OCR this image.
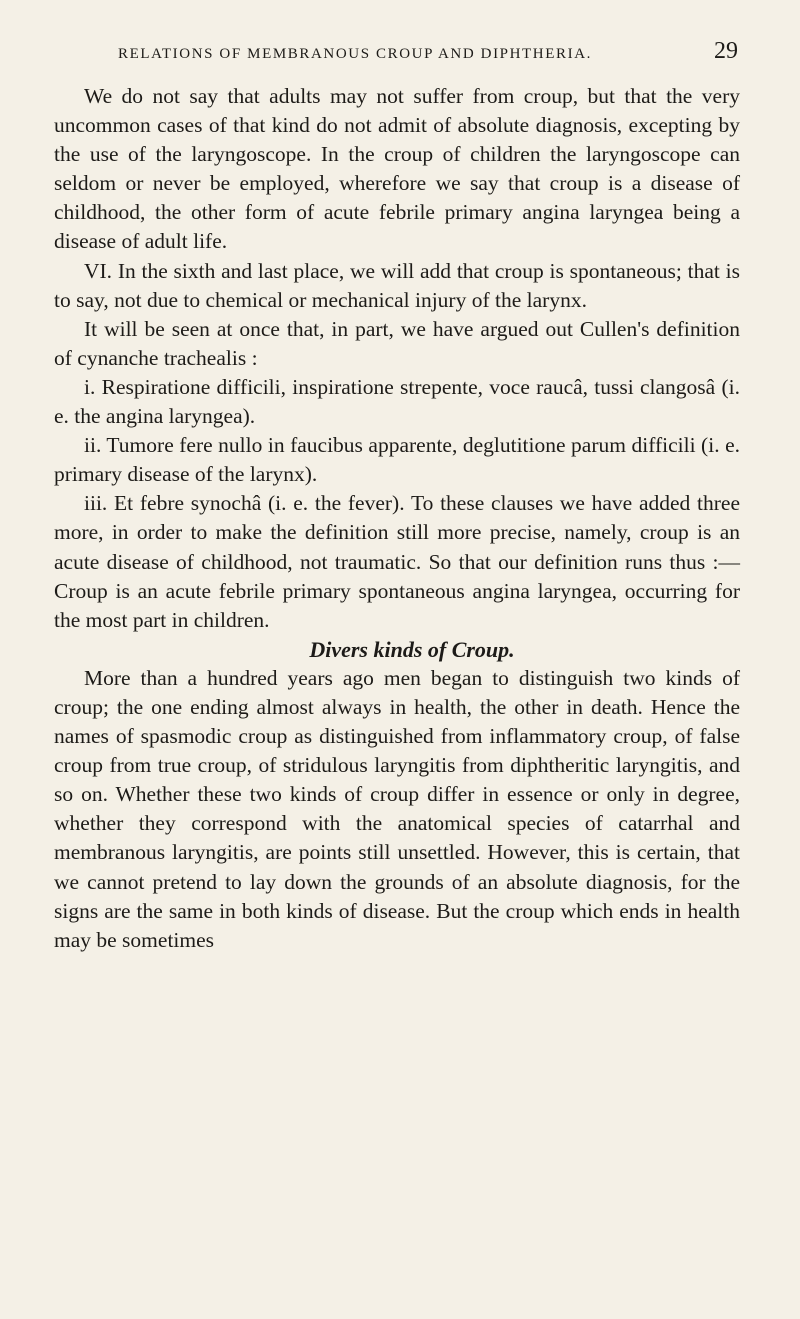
RELATIONS OF MEMBRANOUS CROUP AND DIPHTHERIA.	29

We do not say that adults may not suffer from croup, but that the very uncommon cases of that kind do not admit of absolute diagnosis, excepting by the use of the laryngoscope. In the croup of children the laryngoscope can seldom or never be employed, wherefore we say that croup is a disease of childhood, the other form of acute febrile primary angina laryngea being a disease of adult life.

VI. In the sixth and last place, we will add that croup is spontaneous; that is to say, not due to chemical or mechanical injury of the larynx.

It will be seen at once that, in part, we have argued out Cullen's definition of cynanche trachealis :

i. Respiratione difficili, inspiratione strepente, voce raucâ, tussi clangosâ (i. e. the angina laryngea).

ii. Tumore fere nullo in faucibus apparente, deglutitione parum difficili (i. e. primary disease of the larynx).

iii. Et febre synochâ (i. e. the fever). To these clauses we have added three more, in order to make the definition still more precise, namely, croup is an acute disease of childhood, not traumatic. So that our definition runs thus :—Croup is an acute febrile primary spontaneous angina laryngea, occurring for the most part in children.

Divers kinds of Croup.

More than a hundred years ago men began to distinguish two kinds of croup; the one ending almost always in health, the other in death. Hence the names of spasmodic croup as distinguished from inflammatory croup, of false croup from true croup, of stridulous laryngitis from diphtheritic laryngitis, and so on. Whether these two kinds of croup differ in essence or only in degree, whether they correspond with the anatomical species of catarrhal and membranous laryngitis, are points still unsettled. However, this is certain, that we cannot pretend to lay down the grounds of an absolute diagnosis, for the signs are the same in both kinds of disease. But the croup which ends in health may be sometimes
